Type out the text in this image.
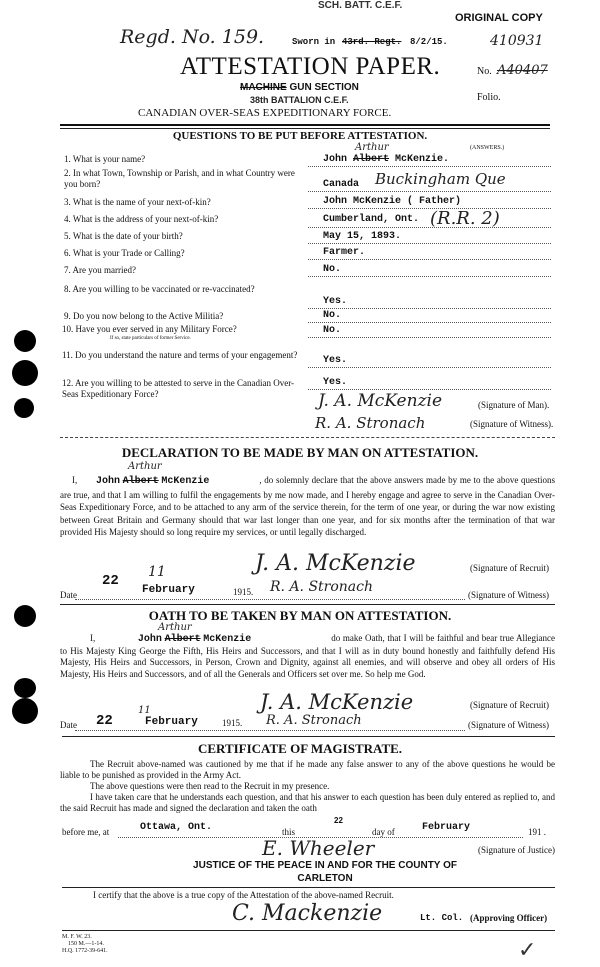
SCH. BATT. C.E.F.
ORIGINAL COPY
Regd. No. 159.	Sworn in 43rd. Regt. 8/2/15.	410931
ATTESTATION PAPER.	No. A40407
MACHINE GUN SECTION
Folio.
38th BATTALION C.E.F.
CANADIAN OVER-SEAS EXPEDITIONARY FORCE.
QUESTIONS TO BE PUT BEFORE ATTESTATION.
(ANSWERS.)
Arthur
1. What is your name?	John Albert McKenzie.
2. In what Town, Township or Parish, and in what Country were you born?	Canada Buckingham Que
3. What is the name of your next-of-kin?	John McKenzie ( Father)
4. What is the address of your next-of-kin?	Cumberland, Ont. (R.R. 2)
5. What is the date of your birth?	May 15, 1893.
6. What is your Trade or Calling?	Farmer.
7. Are you married?	No.
8. Are you willing to be vaccinated or re-vaccinated?
Yes.
9. Do you now belong to the Active Militia?	No.
10. Have you ever served in any Military Force?
If so, state particulars of former Service.
No.
11. Do you understand the nature and terms of your engagement?	Yes.
12. Are you willing to be attested to serve in the Canadian Over-Seas Expeditionary Force?
Yes.
J. A. McKenzie	(Signature of Man).
R. A. Stronach	(Signature of Witness).
DECLARATION TO BE MADE BY MAN ON ATTESTATION.
Arthur
I, John Albert McKenzie	, do solemnly declare that the above answers made by me to the above questions are true, and that I am willing to fulfil the engagements by me now made, and I hereby engage and agree to serve in the Canadian Over-Seas Expeditionary Force, and to be attached to any arm of the service therein, for the term of one year, or during the war now existing between Great Britain and Germany should that war last longer than one year, and for six months after the termination of that war provided His Majesty should so long require my services, or until legally discharged.
J. A. McKenzie	(Signature of Recruit)
Date
22
11
February	1915. R. A. Stronach	(Signature of Witness)
OATH TO BE TAKEN BY MAN ON ATTESTATION.
Arthur
I,	John Albert McKenzie	do make Oath, that I will be faithful and bear true Allegiance to His Majesty King George the Fifth, His Heirs and Successors, and that I will as in duty bound honestly and faithfully defend His Majesty, His Heirs and Successors, in Person, Crown and Dignity, against all enemies, and will observe and obey all orders of His Majesty, His Heirs and Successors, and of all the Generals and Officers set over me. So help me God.
J. A. McKenzie	(Signature of Recruit)
Date 22
11
February	1915. R. A. Stronach	(Signature of Witness)
CERTIFICATE OF MAGISTRATE.
The Recruit above-named was cautioned by me that if he made any false answer to any of the above questions he would be liable to be punished as provided in the Army Act.
The above questions were then read to the Recruit in my presence.
I have taken care that he understands each question, and that his answer to each question has been duly entered as replied to, and the said Recruit has made and signed the declaration and taken the oath
before me, at	Ottawa, Ont.	this
22
day of	February	191 .
E. Wheeler	(Signature of Justice)
JUSTICE OF THE PEACE IN AND FOR THE COUNTY OF CARLETON
I certify that the above is a true copy of the Attestation of the above-named Recruit.
C. Mackenzie	Lt. Col. (Approving Officer)
M. F. W. 23.
150 M.—1-14.
H.Q. 1772-39-641.	✓
